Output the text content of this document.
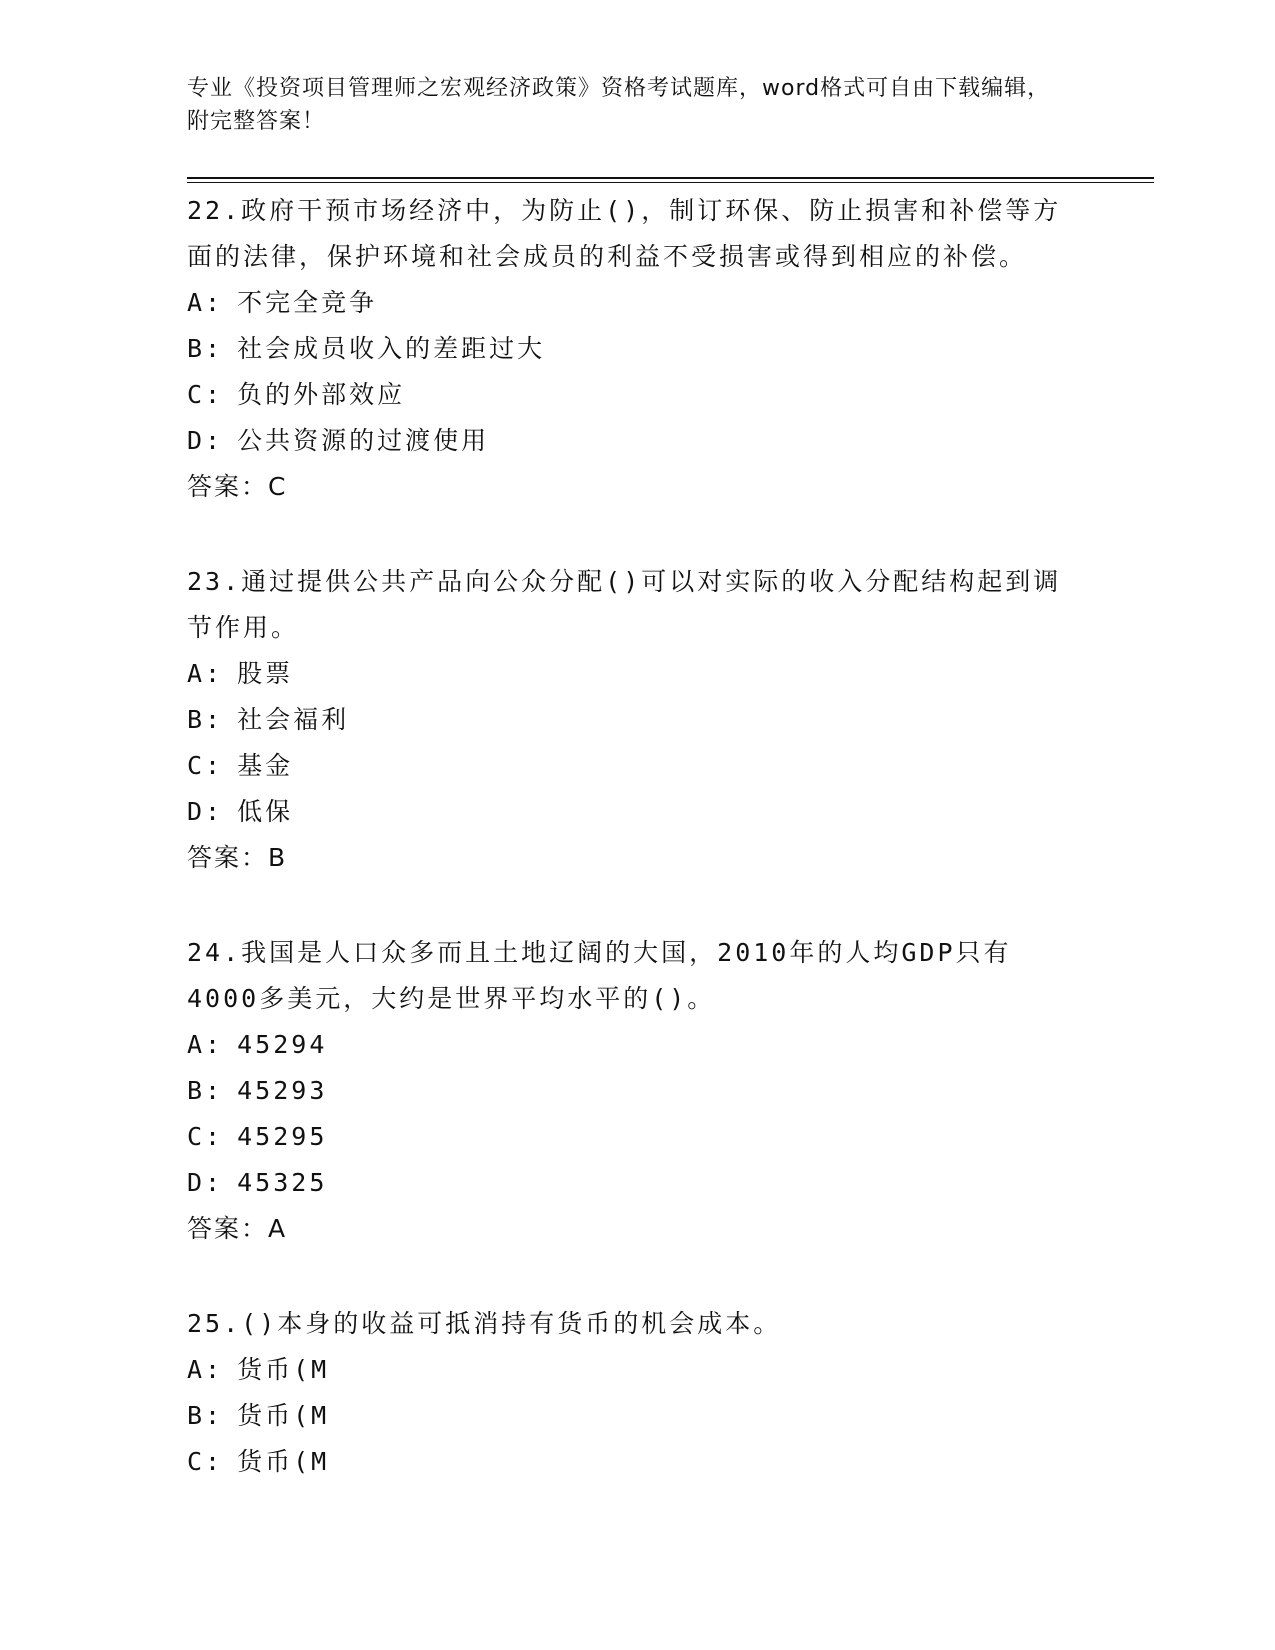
专业《投资项目管理师之宏观经济政策》资格考试题库，word格式可自由下载编辑，附完整答案！
22.政府干预市场经济中，为防止()，制订环保、防止损害和补偿等方面的法律，保护环境和社会成员的利益不受损害或得到相应的补偿。
A: 不完全竞争
B: 社会成员收入的差距过大
C: 负的外部效应
D: 公共资源的过渡使用
答案：C
23.通过提供公共产品向公众分配()可以对实际的收入分配结构起到调节作用。
A: 股票
B: 社会福利
C: 基金
D: 低保
答案：B
24.我国是人口众多而且土地辽阔的大国，2010年的人均GDP只有4000多美元，大约是世界平均水平的()。
A: 45294
B: 45293
C: 45295
D: 45325
答案：A
25.()本身的收益可抵消持有货币的机会成本。
A: 货币(M
B: 货币(M
C: 货币(M
